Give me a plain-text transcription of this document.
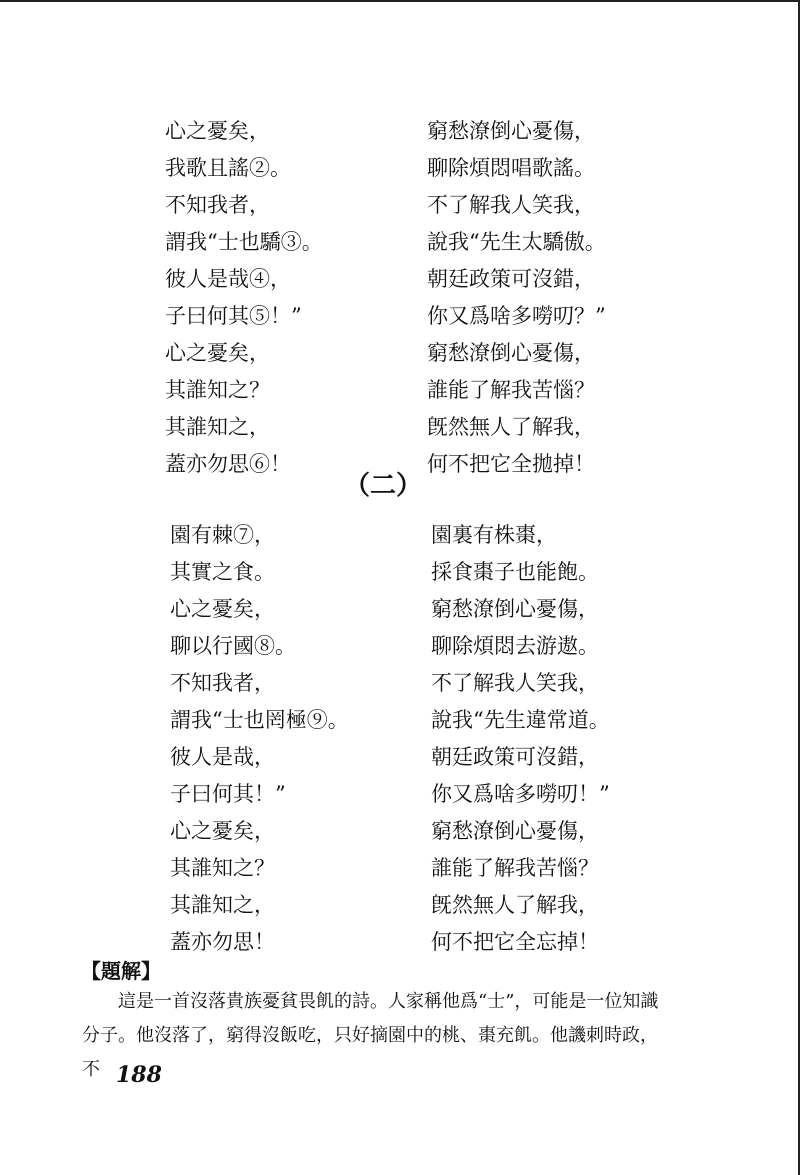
心之憂矣，
我歌且謠②。
不知我者，
謂我“士也驕③。
彼人是哉④，
子曰何其⑤！”
心之憂矣，
其誰知之？
其誰知之，
蓋亦勿思⑥！
窮愁潦倒心憂傷，
聊除煩悶唱歌謠。
不了解我人笑我，
說我“先生太驕傲。
朝廷政策可沒錯，
你又爲啥多嘮叨？”
窮愁潦倒心憂傷，
誰能了解我苦惱？
旣然無人了解我，
何不把它全拋掉！
（二）
園有棘⑦，
其實之食。
心之憂矣，
聊以行國⑧。
不知我者，
謂我“士也罔極⑨。
彼人是哉，
子曰何其！”
心之憂矣，
其誰知之？
其誰知之，
蓋亦勿思！
園裏有株棗，
採食棗子也能飽。
窮愁潦倒心憂傷，
聊除煩悶去游遨。
不了解我人笑我，
說我“先生違常道。
朝廷政策可沒錯，
你又爲啥多嘮叨！”
窮愁潦倒心憂傷，
誰能了解我苦惱？
旣然無人了解我，
何不把它全忘掉！
【題解】
這是一首沒落貴族憂貧畏飢的詩。人家稱他爲“士”，可能是一位知識
分子。他沒落了，窮得沒飯吃，只好摘園中的桃、棗充飢。他譏刺時政，不 188
